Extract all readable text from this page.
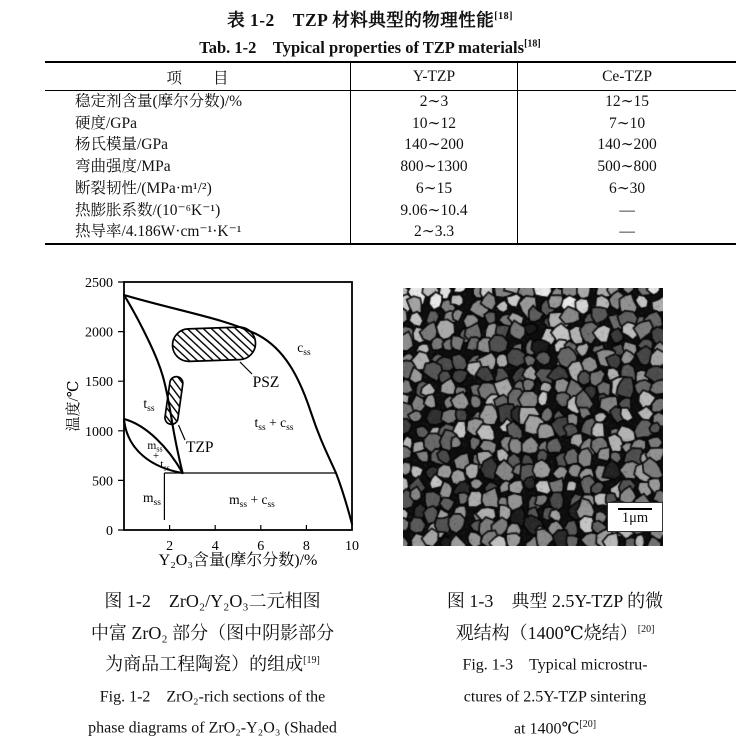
表 1-2　TZP 材料典型的物理性能[18]
Tab. 1-2　Typical properties of TZP materials[18]
项　　目	Y-TZP	Ce-TZP
稳定剂含量(摩尔分数)/%	2∼3	12∼15
硬度/GPa	10∼12	7∼10
杨氏模量/GPa	140∼200	140∼200
弯曲强度/MPa	800∼1300	500∼800
断裂韧性/(MPa·m¹/²)	6∼15	6∼30
热膨胀系数/(10⁻⁶K⁻¹)	9.06∼10.4	—
热导率/4.186W·cm⁻¹·K⁻¹	2∼3.3	—
2500
2000
1500
1000
500
0
2	4	6	8	10
温度/℃
Y₂O₃含量(摩尔分数)/%
$t_{ss}$
$c_{ss}$
$t_{ss} + c_{ss}$
$m_{ss}$
+
$t_{ss}$
$m_{ss}$	$m_{ss} + c_{ss}$
TZP
PSZ
1μm
图 1-2　ZrO₂/Y₂O₃二元相图
中富 ZrO₂ 部分（图中阴影部分
为商品工程陶瓷）的组成[19]
Fig. 1-2　ZrO₂-rich sections of the
phase diagrams of ZrO₂-Y₂O₃ (Shaded
图 1-3　典型 2.5Y-TZP 的微
观结构（1400℃烧结）[20]
Fig. 1-3　Typical microstru-
ctures of 2.5Y-TZP sintering
at 1400℃[20]
